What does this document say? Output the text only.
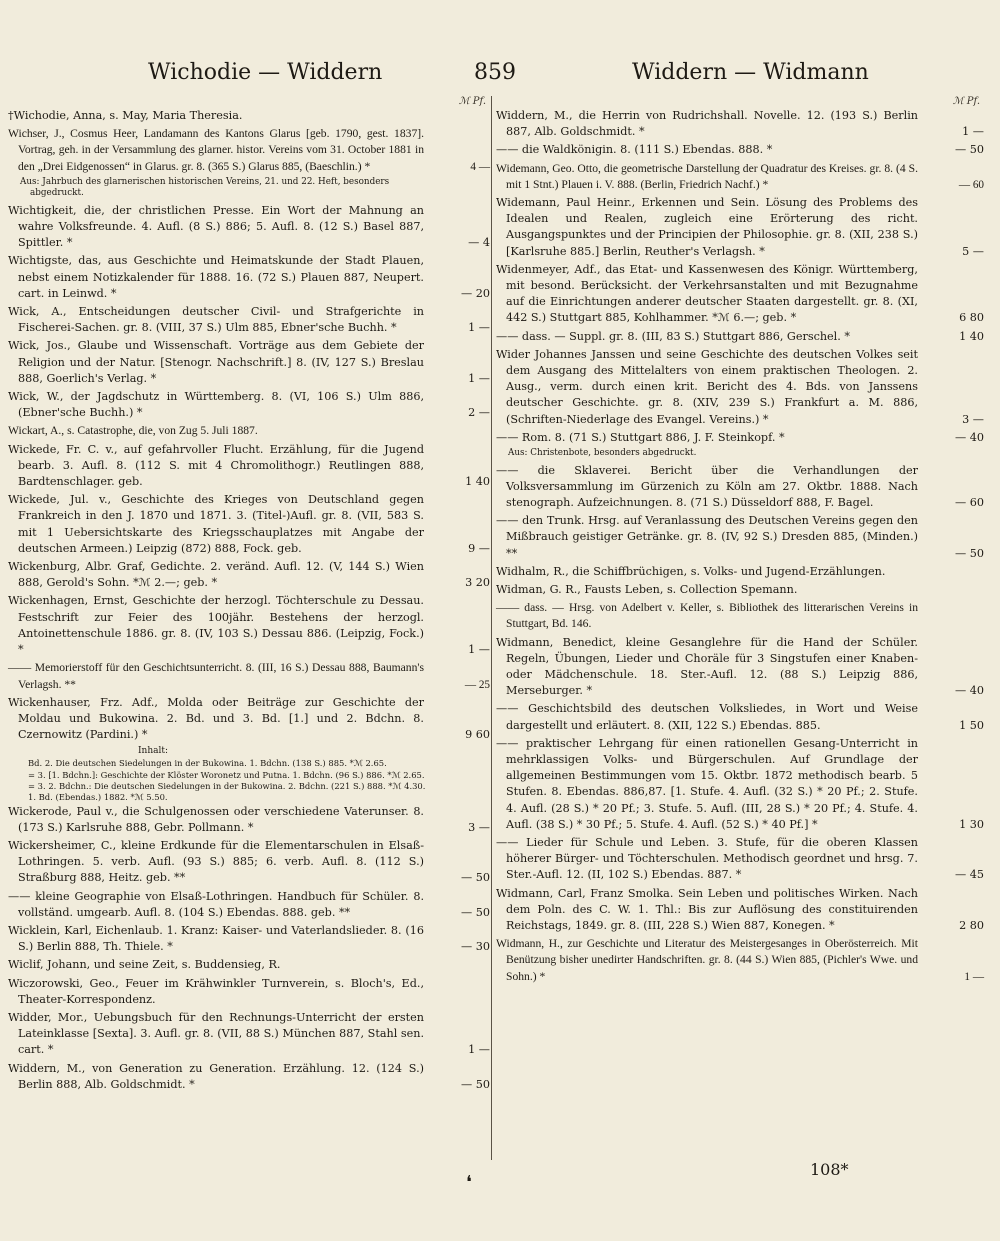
Wichodie — Widdern	859	Widdern — Widmann
ℳ Pf.
†Wichodie, Anna, s. May, Maria Theresia.
Wichser, J., Cosmus Heer, Landamann des Kantons Glarus [geb. 1790, gest. 1837]. Vortrag, geh. in der Versammlung des glarner. histor. Vereins vom 31. October 1881 in den „Drei Eidgenossen“ in Glarus. gr. 8. (365 S.) Glarus 885, (Baeschlin.) *	4 —
Aus: Jahrbuch des glarnerischen historischen Vereins, 21. und 22. Heft, besonders abgedruckt.
Wichtigkeit, die, der christlichen Presse. Ein Wort der Mahnung an wahre Volksfreunde. 4. Aufl. (8 S.) 886; 5. Aufl. 8. (12 S.) Basel 887, Spittler. *	— 4
Wichtigste, das, aus Geschichte und Heimatskunde der Stadt Plauen, nebst einem Notizkalender für 1888. 16. (72 S.) Plauen 887, Neupert. cart. in Leinwd. *	— 20
Wick, A., Entscheidungen deutscher Civil- und Strafgerichte in Fischerei-Sachen. gr. 8. (VIII, 37 S.) Ulm 885, Ebner'sche Buchh. *	1 —
Wick, Jos., Glaube und Wissenschaft. Vorträge aus dem Gebiete der Religion und der Natur. [Stenogr. Nachschrift.] 8. (IV, 127 S.) Breslau 888, Goerlich's Verlag. *	1 —
Wick, W., der Jagdschutz in Württemberg. 8. (VI, 106 S.) Ulm 886, (Ebner'sche Buchh.) *	2 —
Wickart, A., s. Catastrophe, die, von Zug 5. Juli 1887.
Wickede, Fr. C. v., auf gefahrvoller Flucht. Erzählung, für die Jugend bearb. 3. Aufl. 8. (112 S. mit 4 Chromolithogr.) Reutlingen 888, Bardtenschlager. geb.	1 40
Wickede, Jul. v., Geschichte des Krieges von Deutschland gegen Frankreich in den J. 1870 und 1871. 3. (Titel-)Aufl. gr. 8. (VII, 583 S. mit 1 Uebersichtskarte des Kriegsschauplatzes mit Angabe der deutschen Armeen.) Leipzig (872) 888, Fock. geb.	9 —
Wickenburg, Albr. Graf, Gedichte. 2. veränd. Aufl. 12. (V, 144 S.) Wien 888, Gerold's Sohn. *ℳ 2.—; geb. *	3 20
Wickenhagen, Ernst, Geschichte der herzogl. Töchterschule zu Dessau. Festschrift zur Feier des 100jähr. Bestehens der herzogl. Antoinettenschule 1886. gr. 8. (IV, 103 S.) Dessau 886. (Leipzig, Fock.) *	1 —
—— Memorierstoff für den Geschichtsunterricht. 8. (III, 16 S.) Dessau 888, Baumann's Verlagsh. **	— 25
Wickenhauser, Frz. Adf., Molda oder Beiträge zur Geschichte der Moldau und Bukowina. 2. Bd. und 3. Bd. [1.] und 2. Bdchn. 8. Czernowitz (Pardini.) *	9 60
Inhalt:
Bd. 2. Die deutschen Siedelungen in der Bukowina. 1. Bdchn. (138 S.) 885. *ℳ 2.65.
= 3. [1. Bdchn.]: Geschichte der Klöster Woronetz und Putna. 1. Bdchn. (96 S.) 886. *ℳ 2.65.
= 3. 2. Bdchn.: Die deutschen Siedelungen in der Bukowina. 2. Bdchn. (221 S.) 888. *ℳ 4.30.
1. Bd. (Ebendas.) 1882. *ℳ 5.50.
Wickerode, Paul v., die Schulgenossen oder verschiedene Vaterunser. 8. (173 S.) Karlsruhe 888, Gebr. Pollmann. *	3 —
Wickersheimer, C., kleine Erdkunde für die Elementarschulen in Elsaß-Lothringen. 5. verb. Aufl. (93 S.) 885; 6. verb. Aufl. 8. (112 S.) Straßburg 888, Heitz. geb. **	— 50
—— kleine Geographie von Elsaß-Lothringen. Handbuch für Schüler. 8. vollständ. umgearb. Aufl. 8. (104 S.) Ebendas. 888. geb. **	— 50
Wicklein, Karl, Eichenlaub. 1. Kranz: Kaiser- und Vaterlandslieder. 8. (16 S.) Berlin 888, Th. Thiele. *	— 30
Wiclif, Johann, und seine Zeit, s. Buddensieg, R.
Wiczorowski, Geo., Feuer im Krähwinkler Turnverein, s. Bloch's, Ed., Theater-Korrespondenz.
Widder, Mor., Uebungsbuch für den Rechnungs-Unterricht der ersten Lateinklasse [Sexta]. 3. Aufl. gr. 8. (VII, 88 S.) München 887, Stahl sen. cart. *	1 —
Widdern, M., von Generation zu Generation. Erzählung. 12. (124 S.) Berlin 888, Alb. Goldschmidt. *	— 50
ℳ Pf.
Widdern, M., die Herrin von Rudrichshall. Novelle. 12. (193 S.) Berlin 887, Alb. Goldschmidt. *	1 —
—— die Waldkönigin. 8. (111 S.) Ebendas. 888. *	— 50
Widemann, Geo. Otto, die geometrische Darstellung der Quadratur des Kreises. gr. 8. (4 S. mit 1 Stnt.) Plauen i. V. 888. (Berlin, Friedrich Nachf.) *	— 60
Widemann, Paul Heinr., Erkennen und Sein. Lösung des Problems des Idealen und Realen, zugleich eine Erörterung des richt. Ausgangspunktes und der Principien der Philosophie. gr. 8. (XII, 238 S.) [Karlsruhe 885.] Berlin, Reuther's Verlagsh. *	5 —
Widenmeyer, Adf., das Etat- und Kassenwesen des Königr. Württemberg, mit besond. Berücksicht. der Verkehrsanstalten und mit Bezugnahme auf die Einrichtungen anderer deutscher Staaten dargestellt. gr. 8. (XI, 442 S.) Stuttgart 885, Kohlhammer. *ℳ 6.—; geb. *	6 80
—— dass. — Suppl. gr. 8. (III, 83 S.) Stuttgart 886, Gerschel. *	1 40
Wider Johannes Janssen und seine Geschichte des deutschen Volkes seit dem Ausgang des Mittelalters von einem praktischen Theologen. 2. Ausg., verm. durch einen krit. Bericht des 4. Bds. von Janssens deutscher Geschichte. gr. 8. (XIV, 239 S.) Frankfurt a. M. 886, (Schriften-Niederlage des Evangel. Vereins.) *	3 —
—— Rom. 8. (71 S.) Stuttgart 886, J. F. Steinkopf. *	— 40
Aus: Christenbote, besonders abgedruckt.
—— die Sklaverei. Bericht über die Verhandlungen der Volksversammlung im Gürzenich zu Köln am 27. Oktbr. 1888. Nach stenograph. Aufzeichnungen. 8. (71 S.) Düsseldorf 888, F. Bagel.	— 60
—— den Trunk. Hrsg. auf Veranlassung des Deutschen Vereins gegen den Mißbrauch geistiger Getränke. gr. 8. (IV, 92 S.) Dresden 885, (Minden.) **	— 50
Widhalm, R., die Schiffbrüchigen, s. Volks- und Jugend-Erzählungen.
Widman, G. R., Fausts Leben, s. Collection Spemann.
—— dass. — Hrsg. von Adelbert v. Keller, s. Bibliothek des litterarischen Vereins in Stuttgart, Bd. 146.
Widmann, Benedict, kleine Gesanglehre für die Hand der Schüler. Regeln, Übungen, Lieder und Choräle für 3 Singstufen einer Knaben- oder Mädchenschule. 18. Ster.-Aufl. 12. (88 S.) Leipzig 886, Merseburger. *	— 40
—— Geschichtsbild des deutschen Volksliedes, in Wort und Weise dargestellt und erläutert. 8. (XII, 122 S.) Ebendas. 885.	1 50
—— praktischer Lehrgang für einen rationellen Gesang-Unterricht in mehrklassigen Volks- und Bürgerschulen. Auf Grundlage der allgemeinen Bestimmungen vom 15. Oktbr. 1872 methodisch bearb. 5 Stufen. 8. Ebendas. 886,87. [1. Stufe. 4. Aufl. (32 S.) * 20 Pf.; 2. Stufe. 4. Aufl. (28 S.) * 20 Pf.; 3. Stufe. 5. Aufl. (III, 28 S.) * 20 Pf.; 4. Stufe. 4. Aufl. (38 S.) * 30 Pf.; 5. Stufe. 4. Aufl. (52 S.) * 40 Pf.] *	1 30
—— Lieder für Schule und Leben. 3. Stufe, für die oberen Klassen höherer Bürger- und Töchterschulen. Methodisch geordnet und hrsg. 7. Ster.-Aufl. 12. (II, 102 S.) Ebendas. 887. *	— 45
Widmann, Carl, Franz Smolka. Sein Leben und politisches Wirken. Nach dem Poln. des C. W. 1. Thl.: Bis zur Auflösung des constituirenden Reichstags, 1849. gr. 8. (III, 228 S.) Wien 887, Konegen. *	2 80
Widmann, H., zur Geschichte und Literatur des Meistergesanges in Oberösterreich. Mit Benützung bisher unedirter Handschriften. gr. 8. (44 S.) Wien 885, (Pichler's Wwe. und Sohn.) *	1 —
108*
❛
